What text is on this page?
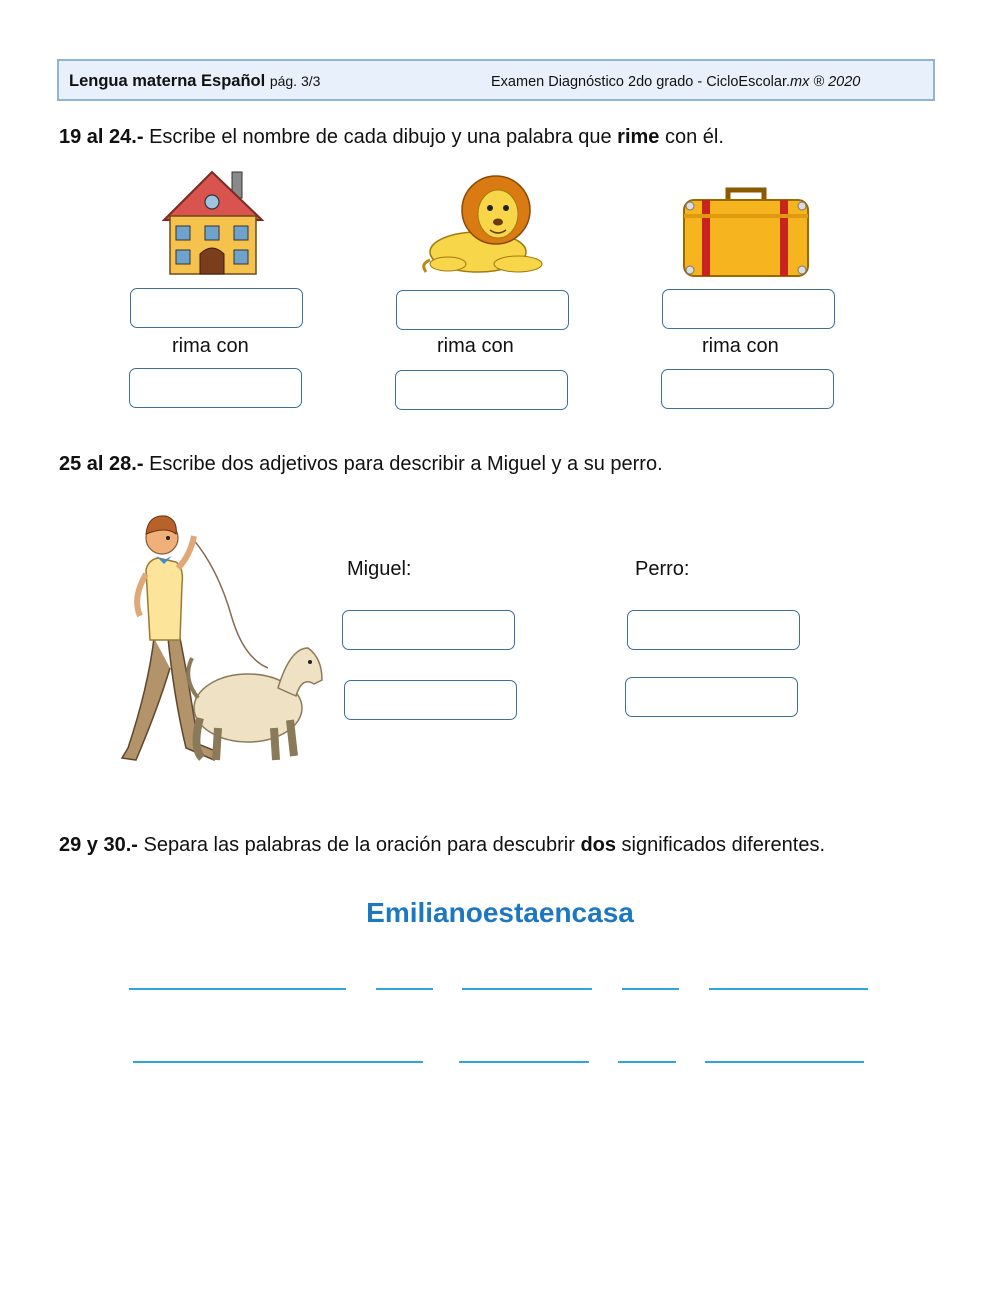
Lengua materna Español pág. 3/3	Examen Diagnóstico 2do grado - CicloEscolar.mx ® 2020
19 al 24.- Escribe el nombre de cada dibujo y una palabra que rime con él.
rima con	rima con	rima con
25 al 28.- Escribe dos adjetivos para describir a Miguel y a su perro.
Miguel:	Perro:
29 y 30.- Separa las palabras de la oración para descubrir dos significados diferentes.
Emilianoestaencasa
